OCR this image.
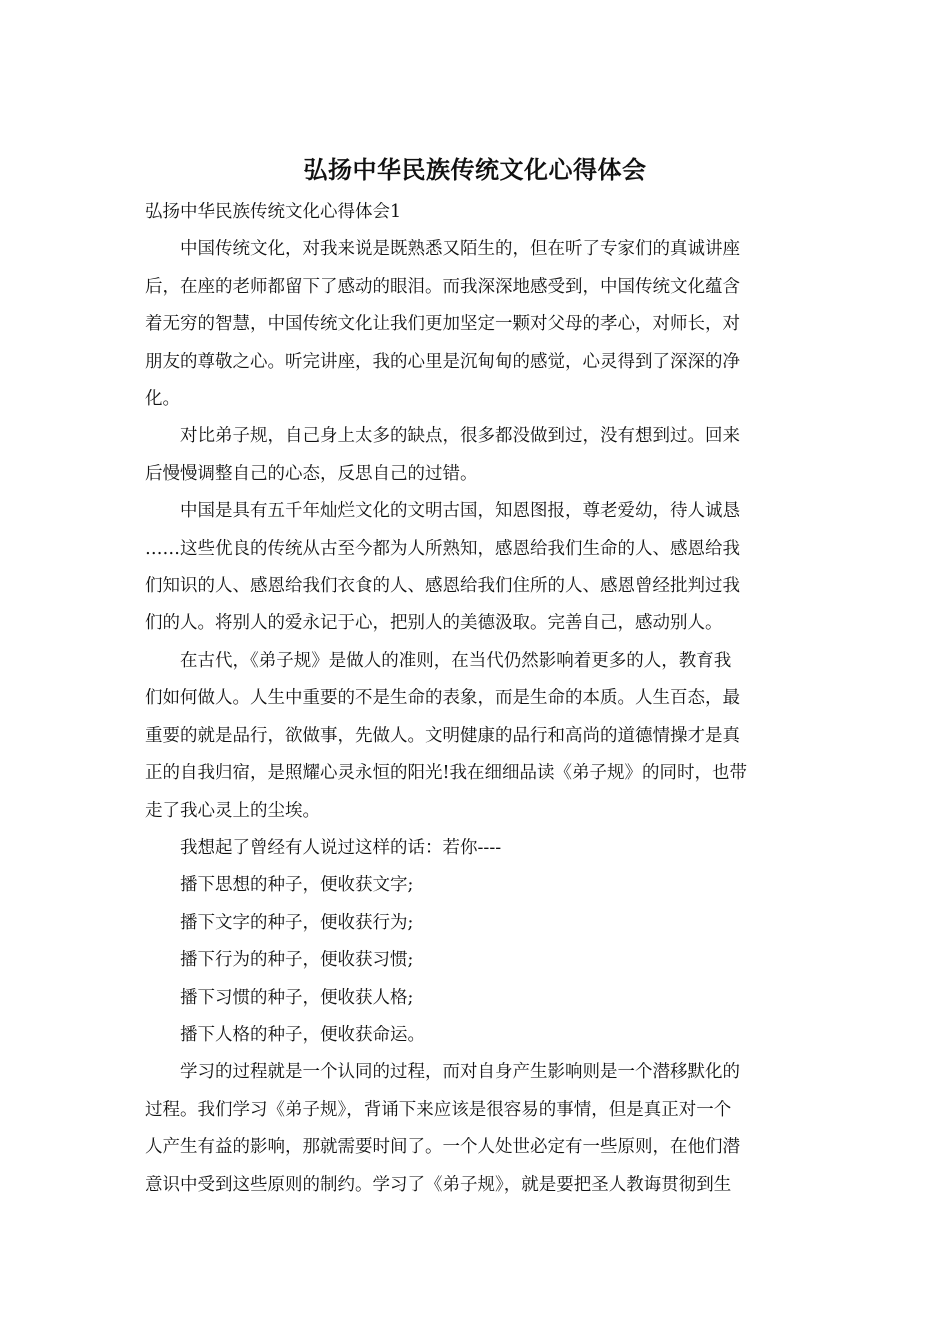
弘扬中华民族传统文化心得体会

弘扬中华民族传统文化心得体会1

中国传统文化，对我来说是既熟悉又陌生的，但在听了专家们的真诚讲座
后，在座的老师都留下了感动的眼泪。而我深深地感受到，中国传统文化蕴含
着无穷的智慧，中国传统文化让我们更加坚定一颗对父母的孝心，对师长，对
朋友的尊敬之心。听完讲座，我的心里是沉甸甸的感觉，心灵得到了深深的净
化。

对比弟子规，自己身上太多的缺点，很多都没做到过，没有想到过。回来
后慢慢调整自己的心态，反思自己的过错。

中国是具有五千年灿烂文化的文明古国，知恩图报，尊老爱幼，待人诚恳
……这些优良的传统从古至今都为人所熟知，感恩给我们生命的人、感恩给我
们知识的人、感恩给我们衣食的人、感恩给我们住所的人、感恩曾经批判过我
们的人。将别人的爱永记于心，把别人的美德汲取。完善自己，感动别人。

在古代，《弟子规》是做人的准则，在当代仍然影响着更多的人，教育我
们如何做人。人生中重要的不是生命的表象，而是生命的本质。人生百态，最
重要的就是品行，欲做事，先做人。文明健康的品行和高尚的道德情操才是真
正的自我归宿，是照耀心灵永恒的阳光!我在细细品读《弟子规》的同时，也带
走了我心灵上的尘埃。

我想起了曾经有人说过这样的话：若你----

播下思想的种子，便收获文字;

播下文字的种子，便收获行为;

播下行为的种子，便收获习惯;

播下习惯的种子，便收获人格;

播下人格的种子，便收获命运。

学习的过程就是一个认同的过程，而对自身产生影响则是一个潜移默化的
过程。我们学习《弟子规》，背诵下来应该是很容易的事情，但是真正对一个
人产生有益的影响，那就需要时间了。一个人处世必定有一些原则，在他们潜
意识中受到这些原则的制约。学习了《弟子规》，就是要把圣人教诲贯彻到生
